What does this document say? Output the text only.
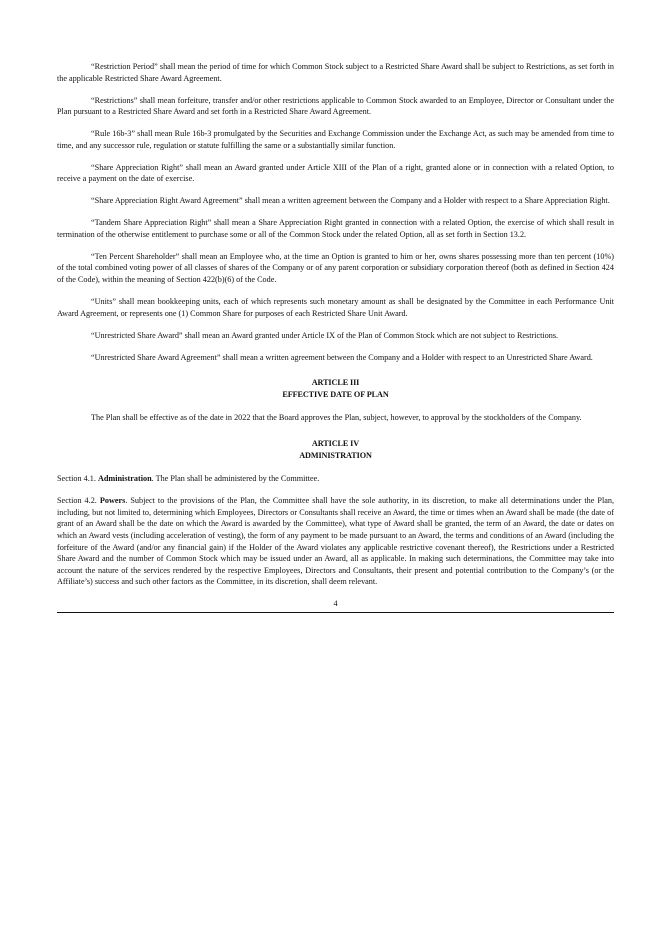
“Restriction Period” shall mean the period of time for which Common Stock subject to a Restricted Share Award shall be subject to Restrictions, as set forth in the applicable Restricted Share Award Agreement.

“Restrictions” shall mean forfeiture, transfer and/or other restrictions applicable to Common Stock awarded to an Employee, Director or Consultant under the Plan pursuant to a Restricted Share Award and set forth in a Restricted Share Award Agreement.

“Rule 16b-3” shall mean Rule 16b-3 promulgated by the Securities and Exchange Commission under the Exchange Act, as such may be amended from time to time, and any successor rule, regulation or statute fulfilling the same or a substantially similar function.

“Share Appreciation Right” shall mean an Award granted under Article XIII of the Plan of a right, granted alone or in connection with a related Option, to receive a payment on the date of exercise.

“Share Appreciation Right Award Agreement” shall mean a written agreement between the Company and a Holder with respect to a Share Appreciation Right.

“Tandem Share Appreciation Right” shall mean a Share Appreciation Right granted in connection with a related Option, the exercise of which shall result in termination of the otherwise entitlement to purchase some or all of the Common Stock under the related Option, all as set forth in Section 13.2.

“Ten Percent Shareholder” shall mean an Employee who, at the time an Option is granted to him or her, owns shares possessing more than ten percent (10%) of the total combined voting power of all classes of shares of the Company or of any parent corporation or subsidiary corporation thereof (both as defined in Section 424 of the Code), within the meaning of Section 422(b)(6) of the Code.

“Units” shall mean bookkeeping units, each of which represents such monetary amount as shall be designated by the Committee in each Performance Unit Award Agreement, or represents one (1) Common Share for purposes of each Restricted Share Unit Award.

“Unrestricted Share Award” shall mean an Award granted under Article IX of the Plan of Common Stock which are not subject to Restrictions.

“Unrestricted Share Award Agreement” shall mean a written agreement between the Company and a Holder with respect to an Unrestricted Share Award.

ARTICLE III

EFFECTIVE DATE OF PLAN

The Plan shall be effective as of the date in 2022 that the Board approves the Plan, subject, however, to approval by the stockholders of the Company.

ARTICLE IV

ADMINISTRATION

Section 4.1. Administration. The Plan shall be administered by the Committee.

Section 4.2. Powers. Subject to the provisions of the Plan, the Committee shall have the sole authority, in its discretion, to make all determinations under the Plan, including, but not limited to, determining which Employees, Directors or Consultants shall receive an Award, the time or times when an Award shall be made (the date of grant of an Award shall be the date on which the Award is awarded by the Committee), what type of Award shall be granted, the term of an Award, the date or dates on which an Award vests (including acceleration of vesting), the form of any payment to be made pursuant to an Award, the terms and conditions of an Award (including the forfeiture of the Award (and/or any financial gain) if the Holder of the Award violates any applicable restrictive covenant thereof), the Restrictions under a Restricted Share Award and the number of Common Stock which may be issued under an Award, all as applicable. In making such determinations, the Committee may take into account the nature of the services rendered by the respective Employees, Directors and Consultants, their present and potential contribution to the Company’s (or the Affiliate’s) success and such other factors as the Committee, in its discretion, shall deem relevant.

4
